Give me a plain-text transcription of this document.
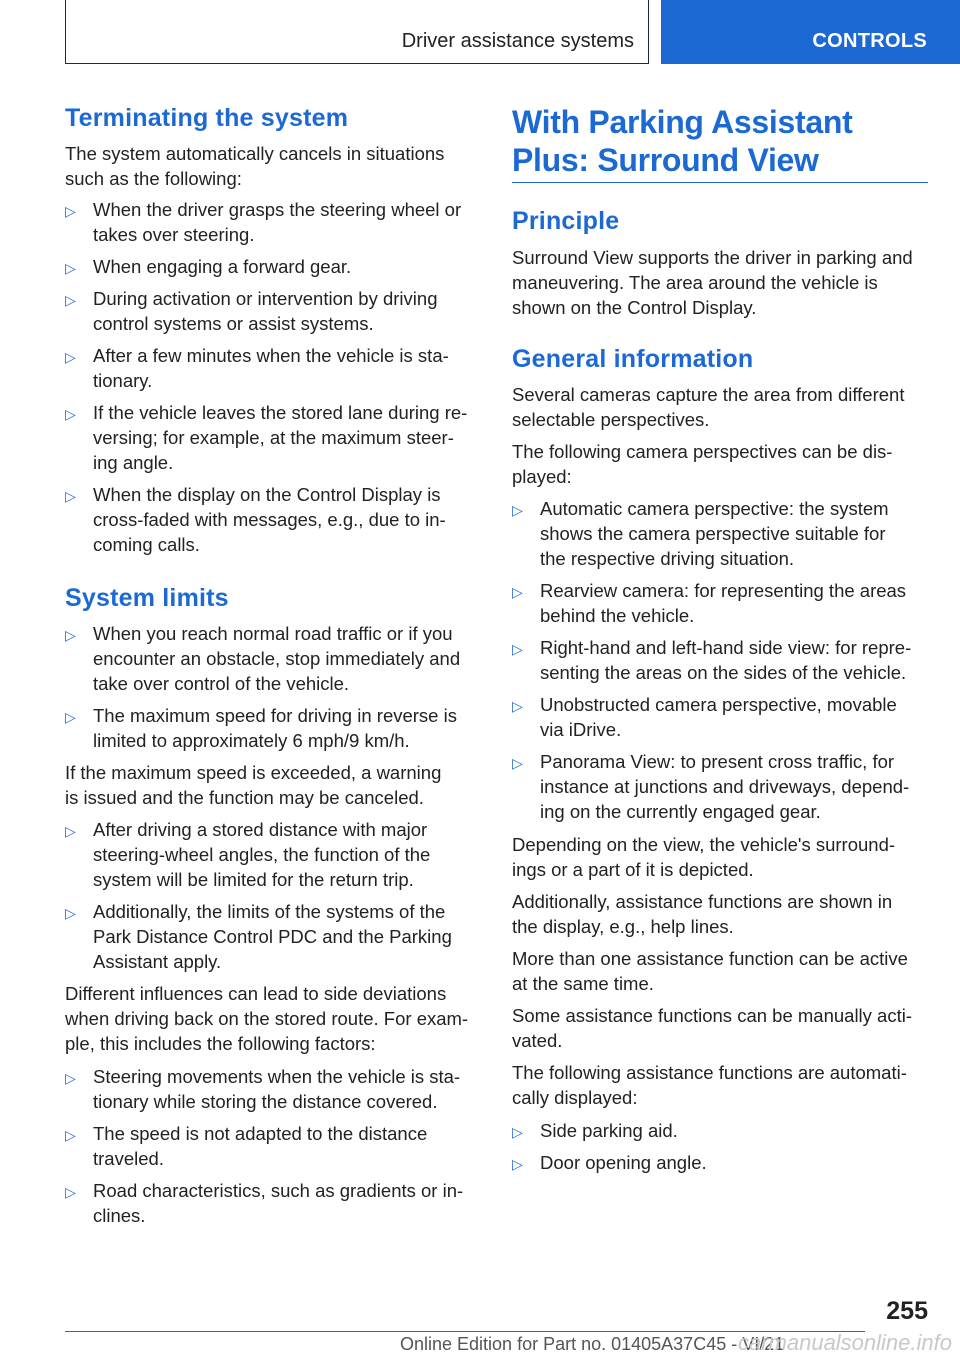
Driver assistance systems	CONTROLS
Terminating the system

The system automatically cancels in situations

such as the following:

▷ When the driver grasps the steering wheel or
takes over steering.
▷ When engaging a forward gear.
▷ During activation or intervention by driving
control systems or assist systems.
▷ After a few minutes when the vehicle is sta‐
tionary.
▷ If the vehicle leaves the stored lane during re‐
versing; for example, at the maximum steer‐
ing angle.
▷ When the display on the Control Display is
cross-faded with messages, e.g., due to in‐
coming calls.
System limits
▷ When you reach normal road traffic or if you
encounter an obstacle, stop immediately and
take over control of the vehicle.
▷ The maximum speed for driving in reverse is
limited to approximately 6 mph/9 km/h.

If the maximum speed is exceeded, a warning

is issued and the function may be canceled.

▷ After driving a stored distance with major
steering-wheel angles, the function of the
system will be limited for the return trip.
▷ Additionally, the limits of the systems of the
Park Distance Control PDC and the Parking
Assistant apply.

Different influences can lead to side deviations

when driving back on the stored route. For exam‐

ple, this includes the following factors:

▷ Steering movements when the vehicle is sta‐
tionary while storing the distance covered.
▷ The speed is not adapted to the distance
traveled.
▷ Road characteristics, such as gradients or in‐
clines.
With Parking Assistant
Plus: Surround View
Principle

Surround View supports the driver in parking and

maneuvering. The area around the vehicle is

shown on the Control Display.

General information

Several cameras capture the area from different

selectable perspectives.

The following camera perspectives can be dis‐

played:

▷ Automatic camera perspective: the system
shows the camera perspective suitable for
the respective driving situation.
▷ Rearview camera: for representing the areas
behind the vehicle.
▷ Right-hand and left-hand side view: for repre‐
senting the areas on the sides of the vehicle.
▷ Unobstructed camera perspective, movable
via iDrive.
▷ Panorama View: to present cross traffic, for
instance at junctions and driveways, depend‐
ing on the currently engaged gear.

Depending on the view, the vehicle's surround‐

ings or a part of it is depicted.

Additionally, assistance functions are shown in

the display, e.g., help lines.

More than one assistance function can be active

at the same time.

Some assistance functions can be manually acti‐

vated.

The following assistance functions are automati‐

cally displayed:

▷ Side parking aid.
▷ Door opening angle.
255
Online Edition for Part no. 01405A37C45 - VI/21
carmanualsonline.info
